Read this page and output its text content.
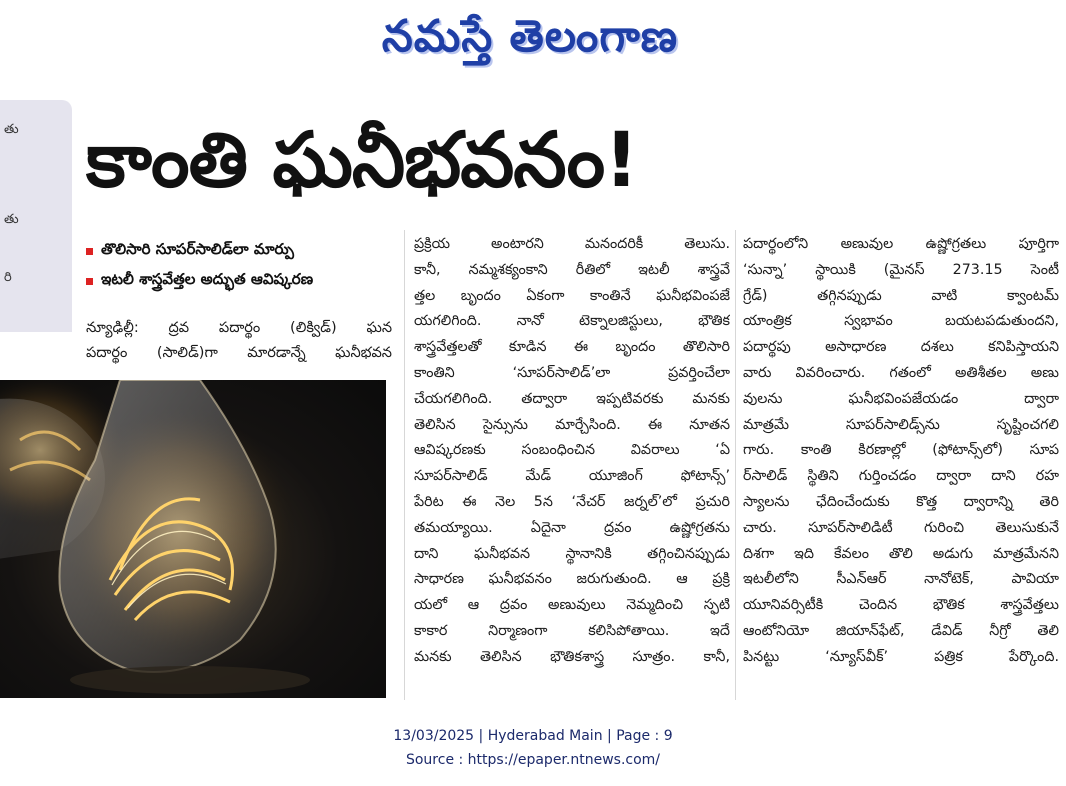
నమస్తే తెలంగాణ
తు
తు
రి
కాంతి ఘనీభవనం!
తొలిసారి సూపర్‌సాలిడ్‌లా మార్పు
ఇటలీ శాస్త్రవేత్తల అద్భుత ఆవిష్కరణ
న్యూఢిల్లీ: ద్రవ పదార్థం (లిక్విడ్) ఘన
పదార్థం (సాలిడ్)గా మారడాన్నే ఘనీభవన
ప్రక్రియ అంటారని మనందరికీ తెలుసు.
కానీ, నమ్మశక్యంకాని రీతిలో ఇటలీ శాస్త్రవే
త్తల బృందం ఏకంగా కాంతినే ఘనీభవింపజే
యగలిగింది. నానో టెక్నాలజిస్టులు, భౌతిక
శాస్త్రవేత్తలతో కూడిన ఈ బృందం తొలిసారి
కాంతిని ‘సూపర్‌సాలిడ్’లా ప్రవర్తించేలా
చేయగలిగింది. తద్వారా ఇప్పటివరకు మనకు
తెలిసిన సైన్సును మార్చేసింది. ఈ నూతన
ఆవిష్కరణకు సంబంధించిన వివరాలు ‘ఏ
సూపర్‌సాలిడ్ మేడ్ యూజింగ్ ఫోటాన్స్’
పేరిట ఈ నెల 5న ‘నేచర్ జర్నల్’లో ప్రచురి
తమయ్యాయి. ఏదైనా ద్రవం ఉష్ణోగ్రతను
దాని ఘనీభవన స్థానానికి తగ్గించినప్పుడు
సాధారణ ఘనీభవనం జరుగుతుంది. ఆ ప్రక్రి
యలో ఆ ద్రవం అణువులు నెమ్మదించి స్ఫటి
కాకార నిర్మాణంగా కలిసిపోతాయి. ఇదే
మనకు తెలిసిన భౌతికశాస్త్ర సూత్రం. కానీ,
పదార్థంలోని అణువుల ఉష్ణోగ్రతలు పూర్తిగా
‘సున్నా’ స్థాయికి (మైనస్ 273.15 సెంటీ
గ్రేడ్) తగ్గినప్పుడు వాటి క్వాంటమ్
యాంత్రిక స్వభావం బయటపడుతుందని,
పదార్థపు అసాధారణ దశలు కనిపిస్తాయని
వారు వివరించారు. గతంలో అతిశీతల అణు
వులను ఘనీభవింపజేయడం ద్వారా
మాత్రమే సూపర్‌సాలిడ్స్‌ను సృష్టించగలి
గారు. కాంతి కిరణాల్లో (ఫోటాన్స్‌లో) సూప
ర్‌సాలిడ్ స్థితిని గుర్తించడం ద్వారా దాని రహ
స్యాలను ఛేదించేందుకు కొత్త ద్వారాన్ని తెరి
చారు. సూపర్‌సాలిడిటీ గురించి తెలుసుకునే
దిశగా ఇది కేవలం తొలి అడుగు మాత్రమేనని
ఇటలీలోని సీఎన్ఆర్ నానోటెక్, పావియా
యూనివర్సిటీకి చెందిన భౌతిక శాస్త్రవేత్తలు
ఆంటోనియో జియాన్‌ఫేట్, డేవిడ్ నీగ్రో తెలి
పినట్టు ‘న్యూస్‌వీక్’ పత్రిక పేర్కొంది.
13/03/2025 | Hyderabad Main | Page : 9
Source : https://epaper.ntnews.com/
